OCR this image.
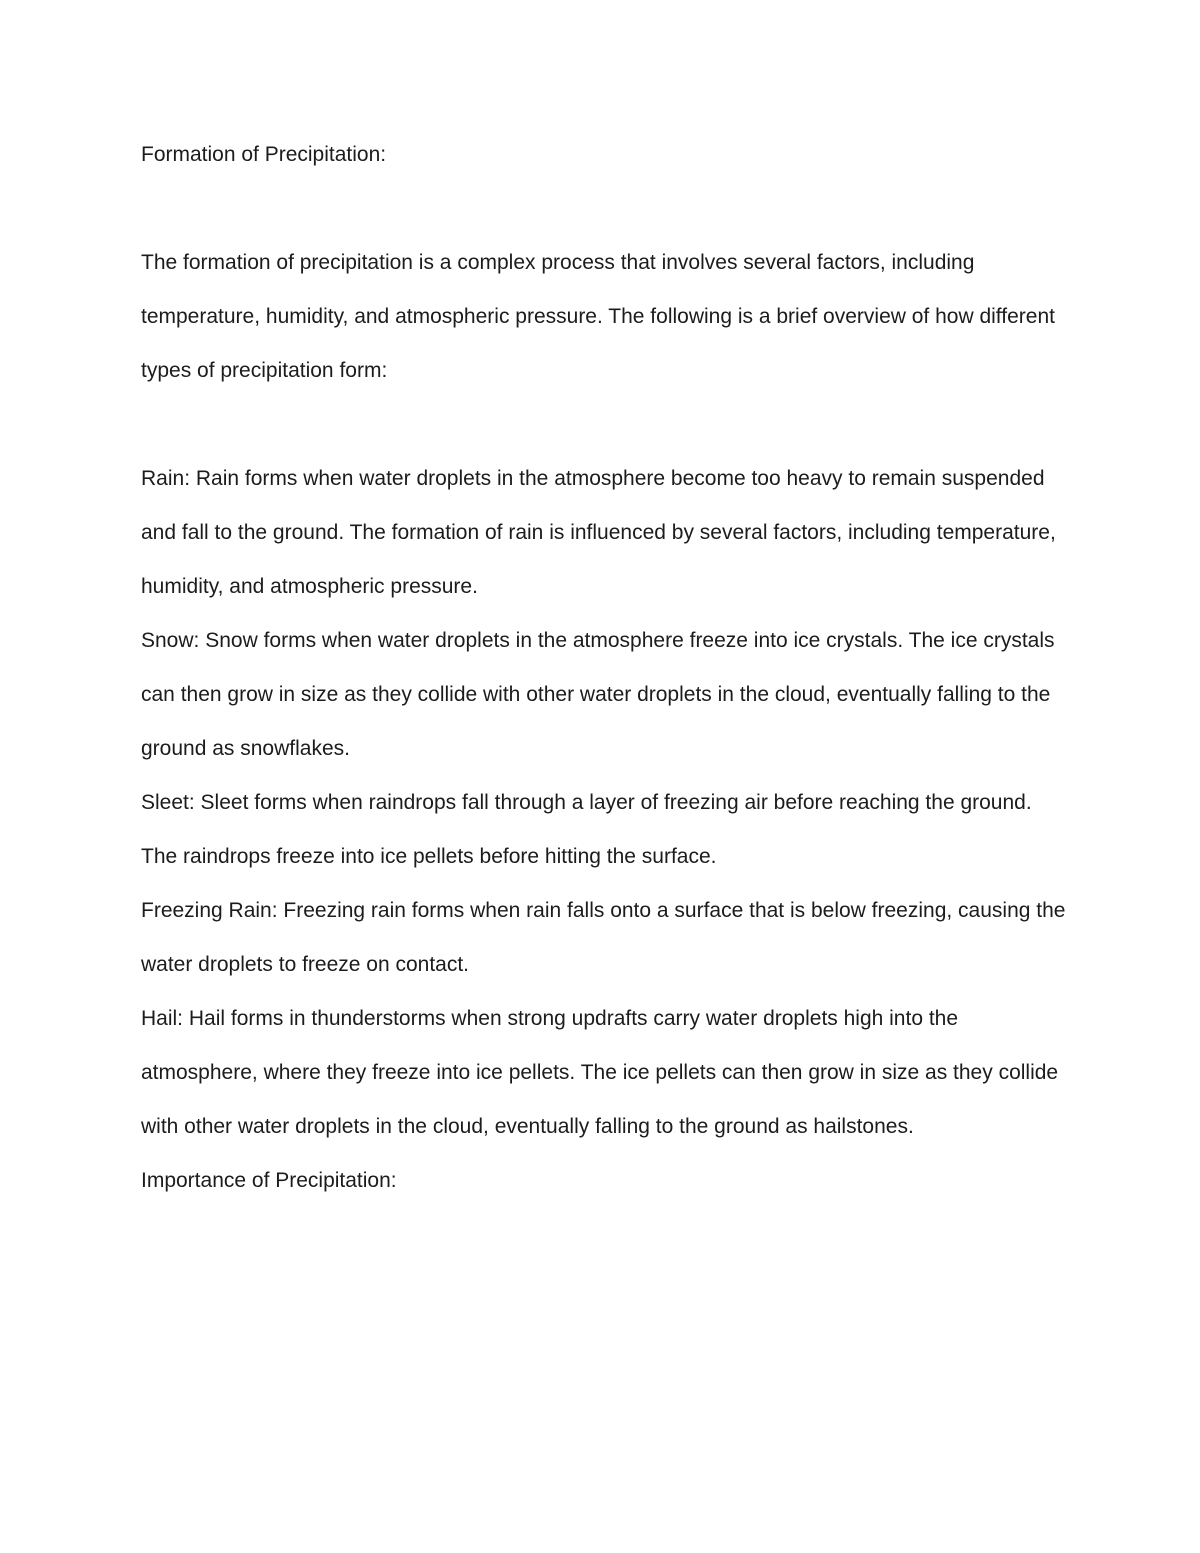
Formation of Precipitation:

The formation of precipitation is a complex process that involves several factors, including temperature, humidity, and atmospheric pressure. The following is a brief overview of how different types of precipitation form:

Rain: Rain forms when water droplets in the atmosphere become too heavy to remain suspended and fall to the ground. The formation of rain is influenced by several factors, including temperature, humidity, and atmospheric pressure.

Snow: Snow forms when water droplets in the atmosphere freeze into ice crystals. The ice crystals can then grow in size as they collide with other water droplets in the cloud, eventually falling to the ground as snowflakes.

Sleet: Sleet forms when raindrops fall through a layer of freezing air before reaching the ground. The raindrops freeze into ice pellets before hitting the surface.

Freezing Rain: Freezing rain forms when rain falls onto a surface that is below freezing, causing the water droplets to freeze on contact.

Hail: Hail forms in thunderstorms when strong updrafts carry water droplets high into the atmosphere, where they freeze into ice pellets. The ice pellets can then grow in size as they collide with other water droplets in the cloud, eventually falling to the ground as hailstones.

Importance of Precipitation:
